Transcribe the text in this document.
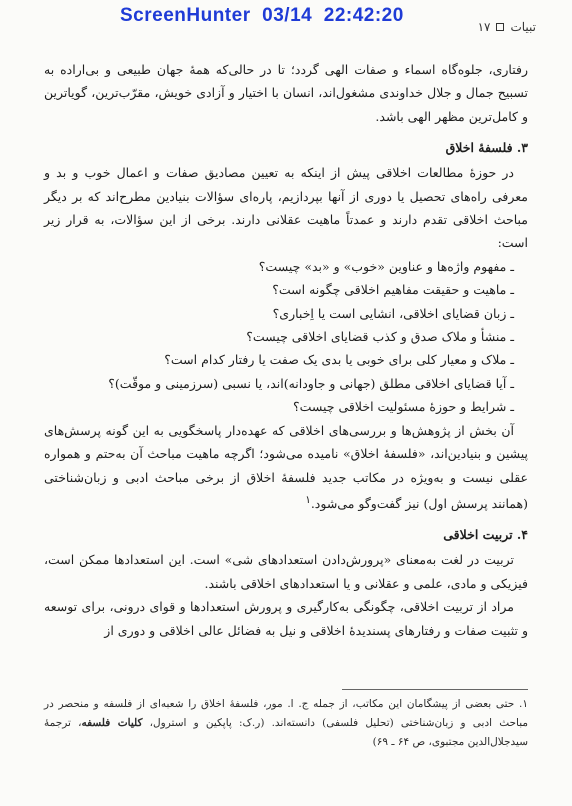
ScreenHunter  03/14  22:42:20
تبیات
۱۷

رفتاری، جلوه‌گاه اسماء و صفات الهی گردد؛ تا در حالی‌که همهٔ جهان طبیعی و بی‌اراده به تسبیح جمال و جلال خداوندی مشغول‌اند، انسان با اختیار و آزادی خویش، مقرّب‌ترین، گویاترین و کامل‌ترین مظهر الهی باشد.

۳. فلسفهٔ اخلاق

در حوزهٔ مطالعات اخلاقی پیش از اینکه به تعیین مصادیق صفات و اعمال خوب و بد و معرفی راه‌های تحصیل یا دوری از آنها بپردازیم، پاره‌ای سؤالات بنیادین مطرح‌اند که بر دیگر مباحث اخلاقی تقدم دارند و عمدتاً ماهیت عقلانی دارند. برخی از این سؤالات، به قرار زیر است:

ـ مفهوم واژه‌ها و عناوین «خوب» و «بد» چیست؟
ـ ماهیت و حقیقت مفاهیم اخلاقی چگونه است؟
ـ زبان قضایای اخلاقی، انشایی است یا اِخباری؟
ـ منشأ و ملاک صدق و کذب قضایای اخلاقی چیست؟
ـ ملاک و معیار کلی برای خوبی یا بدی یک صفت یا رفتار کدام است؟
ـ آیا قضایای اخلاقی مطلق (جهانی و جاودانه)اند، یا نسبی (سرزمینی و موقّت)؟
ـ شرایط و حوزهٔ مسئولیت اخلاقی چیست؟

آن بخش از پژوهش‌ها و بررسی‌های اخلاقی که عهده‌دار پاسخگویی به این گونه پرسش‌های پیشین و بنیادین‌اند، «فلسفهٔ اخلاق» نامیده می‌شود؛ اگرچه ماهیت مباحث آن به‌حتم و همواره عقلی نیست و به‌ویژه در مکاتب جدید فلسفهٔ اخلاق از برخی مباحث ادبی و زبان‌شناختی (همانند پرسش اول) نیز گفت‌وگو می‌شود.$^۱$

۴. تربیت اخلاقی

تربیت در لغت به‌معنای «پرورش‌دادن استعدادهای شی» است. این استعدادها ممکن است، فیزیکی و مادی، علمی و عقلانی و یا استعدادهای اخلاقی باشند.

مراد از تربیت اخلاقی، چگونگی به‌کارگیری و پرورش استعدادها و قوای درونی، برای توسعه و تثبیت صفات و رفتارهای پسندیدهٔ اخلاقی و نیل به فضائل عالی اخلاقی و دوری از

۱. حتی بعضی از پیشگامان این مکاتب، از جمله ج. ا. مور، فلسفهٔ اخلاق را شعبه‌ای از فلسفه و منحصر در مباحث ادبی و زبان‌شناختی (تحلیل فلسفی) دانسته‌اند. (ر.ک: پاپکین و استرول، کلیات فلسفه، ترجمهٔ سیدجلال‌الدین مجتبوی، ص ۶۴ ـ ۶۹)
